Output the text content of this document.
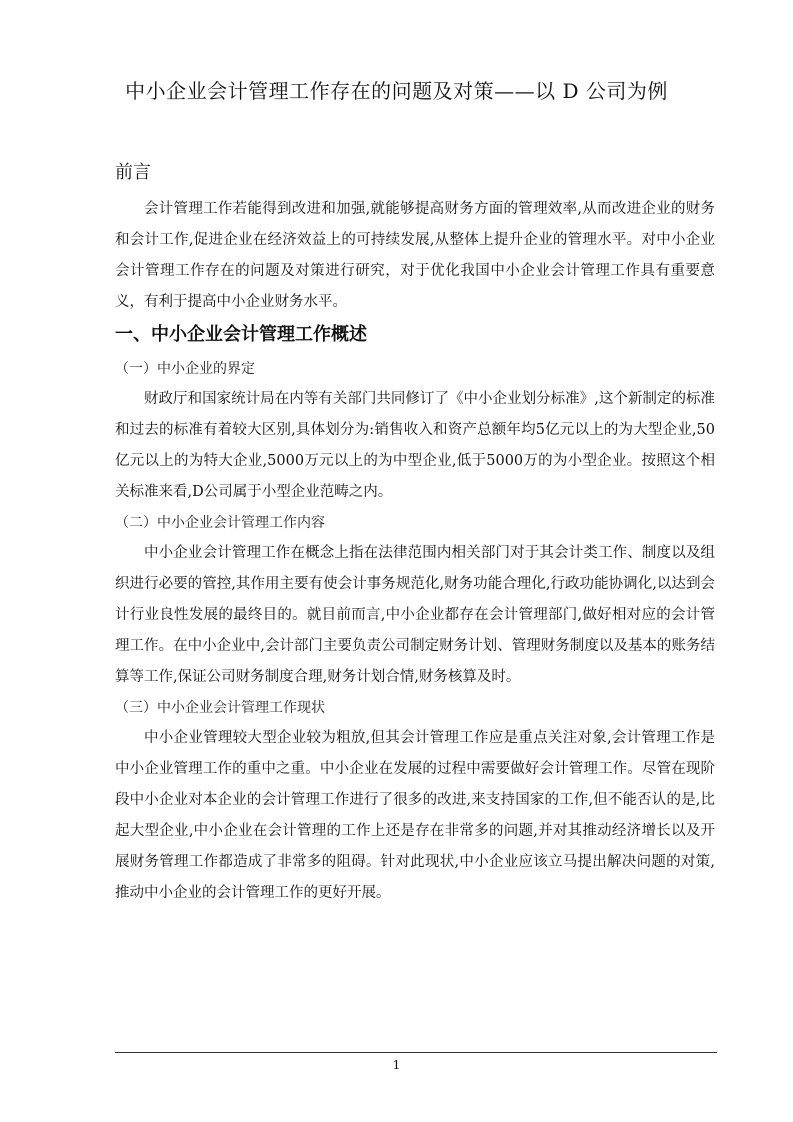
中小企业会计管理工作存在的问题及对策——以 D 公司为例
前言

会计管理工作若能得到改进和加强,就能够提高财务方面的管理效率,从而改进企业的财务和会计工作,促进企业在经济效益上的可持续发展,从整体上提升企业的管理水平。对中小企业会计管理工作存在的问题及对策进行研究，对于优化我国中小企业会计管理工作具有重要意义，有利于提高中小企业财务水平。

一、中小企业会计管理工作概述
（一）中小企业的界定

财政厅和国家统计局在内等有关部门共同修订了《中小企业划分标准》,这个新制定的标准和过去的标准有着较大区别,具体划分为:销售收入和资产总额年均5亿元以上的为大型企业,50亿元以上的为特大企业,5000万元以上的为中型企业,低于5000万的为小型企业。按照这个相关标准来看,D公司属于小型企业范畴之内。

（二）中小企业会计管理工作内容

中小企业会计管理工作在概念上指在法律范围内相关部门对于其会计类工作、制度以及组织进行必要的管控,其作用主要有使会计事务规范化,财务功能合理化,行政功能协调化,以达到会计行业良性发展的最终目的。就目前而言,中小企业都存在会计管理部门,做好相对应的会计管理工作。在中小企业中,会计部门主要负责公司制定财务计划、管理财务制度以及基本的账务结算等工作,保证公司财务制度合理,财务计划合情,财务核算及时。

（三）中小企业会计管理工作现状

中小企业管理较大型企业较为粗放,但其会计管理工作应是重点关注对象,会计管理工作是中小企业管理工作的重中之重。中小企业在发展的过程中需要做好会计管理工作。尽管在现阶段中小企业对本企业的会计管理工作进行了很多的改进,来支持国家的工作,但不能否认的是,比起大型企业,中小企业在会计管理的工作上还是存在非常多的问题,并对其推动经济增长以及开展财务管理工作都造成了非常多的阻碍。针对此现状,中小企业应该立马提出解决问题的对策,推动中小企业的会计管理工作的更好开展。

1
